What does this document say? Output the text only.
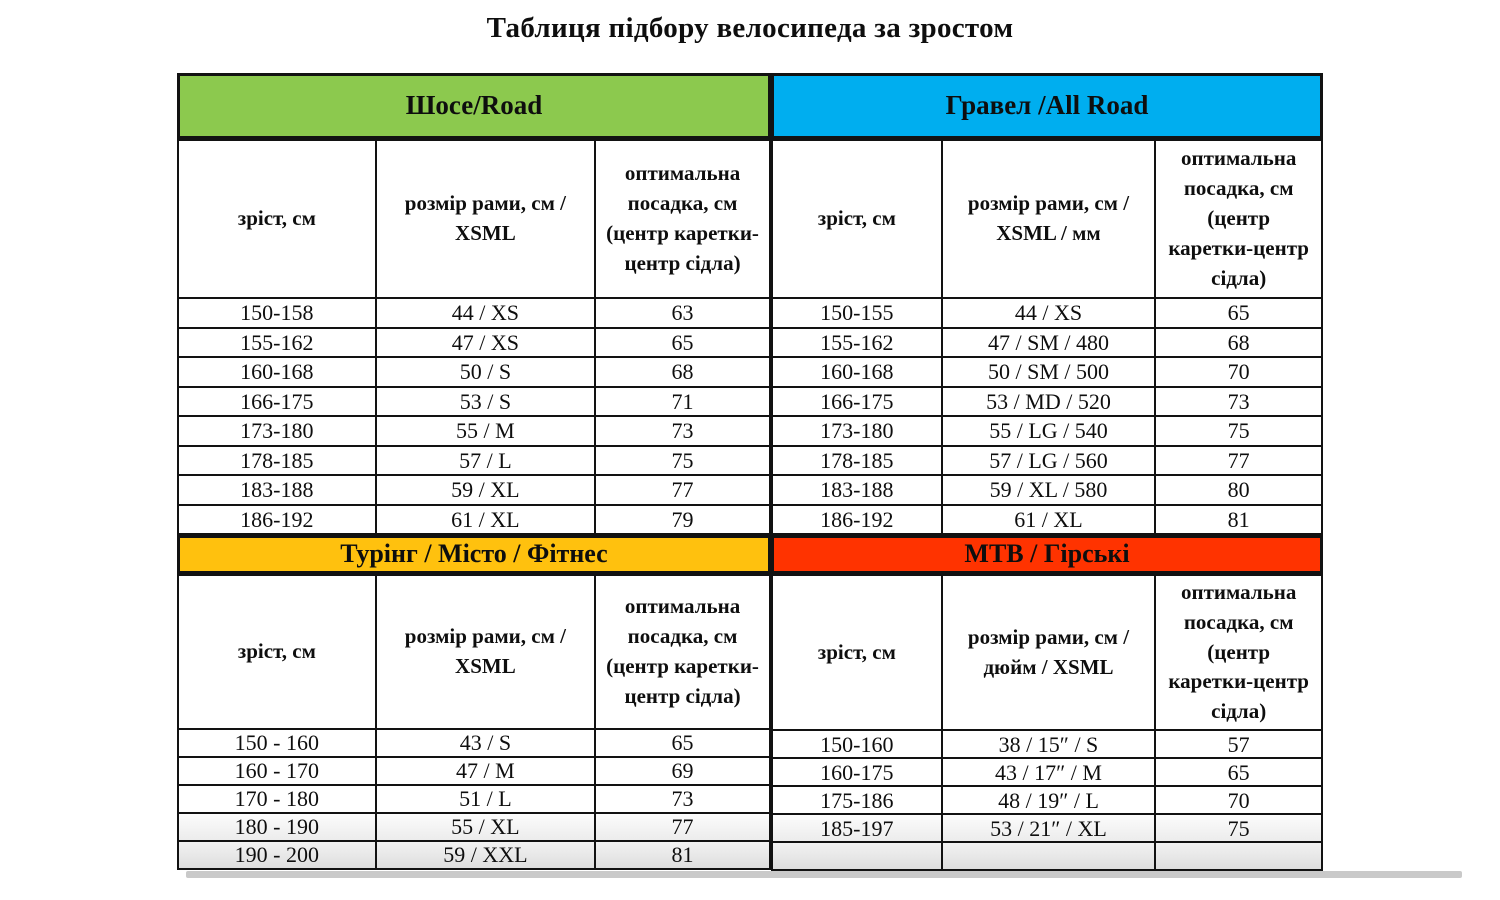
Таблиця підбору велосипеда за зростом
Шосе/Road
зріст, см	розмір рами, см / XSML	оптимальна посадка, см (центр каретки-центр сідла)
150-158	44 / XS	63
155-162	47 / XS	65
160-168	50 / S	68
166-175	53 / S	71
173-180	55 / M	73
178-185	57 / L	75
183-188	59 / XL	77
186-192	61 / XL	79
Турінг / Місто / Фітнес
зріст, см	розмір рами, см / XSML	оптимальна посадка, см (центр каретки-центр сідла)
150 - 160	43 / S	65
160 - 170	47 / M	69
170 - 180	51 / L	73
180 - 190	55 / XL	77
190 - 200	59 / XXL	81
Гравел /All Road
зріст, см	розмір рами, см / XSML / мм	оптимальна посадка, см (центр каретки-центр сідла)
150-155	44 / XS	65
155-162	47 / SM / 480	68
160-168	50 / SM / 500	70
166-175	53 / MD / 520	73
173-180	55 / LG / 540	75
178-185	57 / LG / 560	77
183-188	59 / XL / 580	80
186-192	61 / XL	81
MTB / Гірські
зріст, см	розмір рами, см / дюйм / XSML	оптимальна посадка, см (центр каретки-центр сідла)
150-160	38 / 15″ / S	57
160-175	43 / 17″ / M	65
175-186	48 / 19″ / L	70
185-197	53 / 21″ / XL	75
